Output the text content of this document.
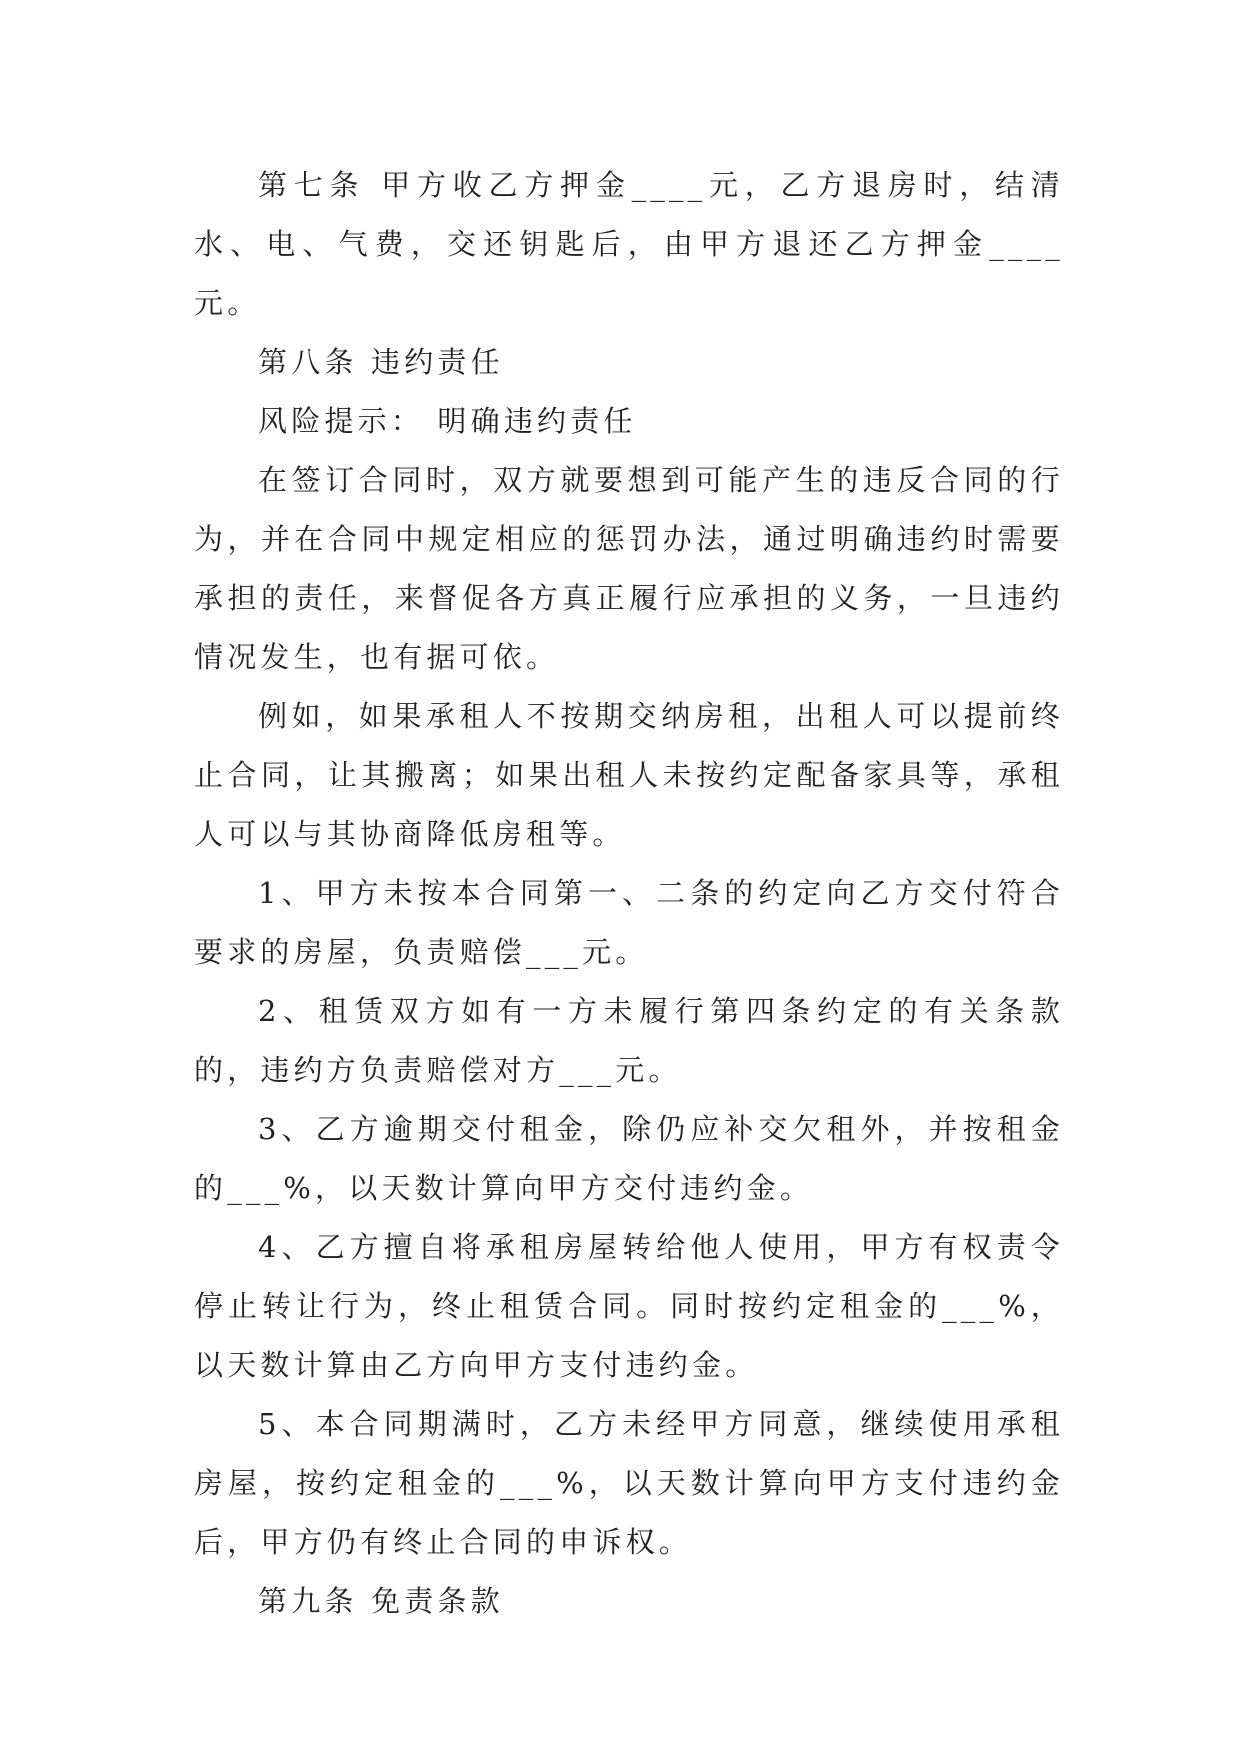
第七条 甲方收乙方押金____元，乙方退房时，结清水、电、气费，交还钥匙后，由甲方退还乙方押金____元。

第八条 违约责任

风险提示： 明确违约责任

在签订合同时，双方就要想到可能产生的违反合同的行为，并在合同中规定相应的惩罚办法，通过明确违约时需要承担的责任，来督促各方真正履行应承担的义务，一旦违约情况发生，也有据可依。

例如，如果承租人不按期交纳房租，出租人可以提前终止合同，让其搬离；如果出租人未按约定配备家具等，承租人可以与其协商降低房租等。

1、甲方未按本合同第一、二条的约定向乙方交付符合要求的房屋，负责赔偿___元。

2、租赁双方如有一方未履行第四条约定的有关条款的，违约方负责赔偿对方___元。

3、乙方逾期交付租金，除仍应补交欠租外，并按租金的___%，以天数计算向甲方交付违约金。

4、乙方擅自将承租房屋转给他人使用，甲方有权责令停止转让行为，终止租赁合同。同时按约定租金的___%，以天数计算由乙方向甲方支付违约金。

5、本合同期满时，乙方未经甲方同意，继续使用承租房屋，按约定租金的___%，以天数计算向甲方支付违约金后，甲方仍有终止合同的申诉权。

第九条 免责条款
